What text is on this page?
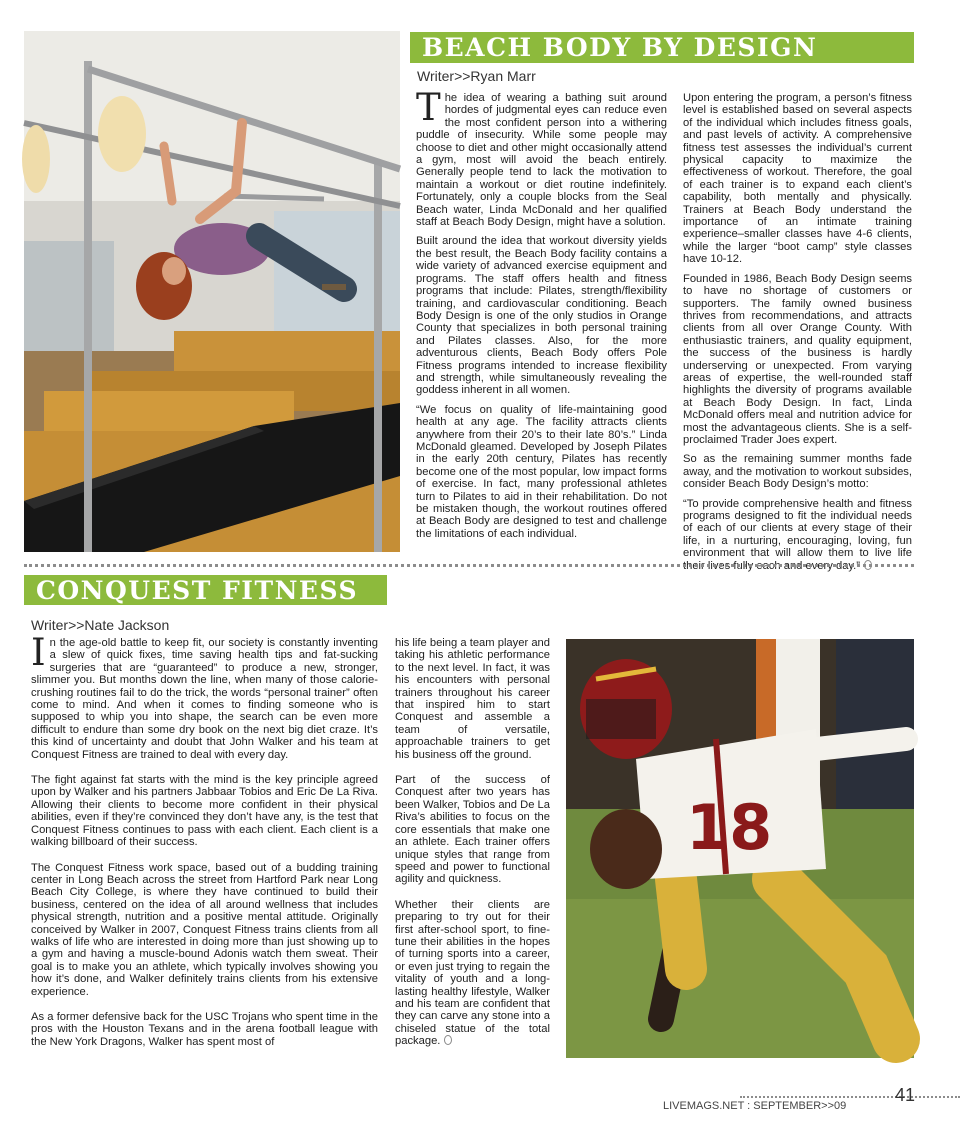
BEACH BODY BY DESIGN
Writer>>Ryan Marr

The idea of wearing a bathing suit around hordes of judgmental eyes can reduce even the most confident person into a withering puddle of insecurity. While some people may choose to diet and other might occasionally attend a gym, most will avoid the beach entirely. Generally people tend to lack the motivation to maintain a workout or diet routine indefinitely. Fortunately, only a couple blocks from the Seal Beach water, Linda McDonald and her qualified staff at Beach Body Design, might have a solution.

Built around the idea that workout diversity yields the best result, the Beach Body facility contains a wide variety of advanced exercise equipment and programs. The staff offers health and fitness programs that include: Pilates, strength/flexibility training, and cardiovascular conditioning. Beach Body Design is one of the only studios in Orange County that specializes in both personal training and Pilates classes. Also, for the more adventurous clients, Beach Body offers Pole Fitness programs intended to increase flexibility and strength, while simultaneously revealing the goddess inherent in all women.

“We focus on quality of life-maintaining good health at any age. The facility attracts clients anywhere from their 20’s to their late 80’s.” Linda McDonald gleamed. Developed by Joseph Pilates in the early 20th century, Pilates has recently become one of the most popular, low impact forms of exercise. In fact, many professional athletes turn to Pilates to aid in their rehabilitation. Do not be mistaken though, the workout routines offered at Beach Body are designed to test and challenge the limitations of each individual.

Upon entering the program, a person’s fitness level is established based on several aspects of the individual which includes fitness goals, and past levels of activity. A comprehensive fitness test assesses the individual’s current physical capacity to maximize the effectiveness of workout. Therefore, the goal of each trainer is to expand each client’s capability, both mentally and physically. Trainers at Beach Body understand the importance of an intimate training experience–smaller classes have 4-6 clients, while the larger “boot camp” style classes have 10-12.

Founded in 1986, Beach Body Design seems to have no shortage of customers or supporters. The family owned business thrives from recommendations, and attracts clients from all over Orange County. With enthusiastic trainers, and quality equipment, the success of the business is hardly underserving or unexpected. From varying areas of expertise, the well-rounded staff highlights the diversity of programs available at Beach Body Design. In fact, Linda McDonald offers meal and nutrition advice for most the advantageous clients. She is a self-proclaimed Trader Joes expert.

So as the remaining summer months fade away, and the motivation to workout subsides, consider Beach Body Design’s motto:

“To provide comprehensive health and fitness programs designed to fit the individual needs of each of our clients at every stage of their life, in a nurturing, encouraging, loving, fun environment that will allow them to live life their lives fully each and every day.”

CONQUEST FITNESS
Writer>>Nate Jackson

In the age-old battle to keep fit, our society is constantly inventing a slew of quick fixes, time saving health tips and fat-sucking surgeries that are “guaranteed” to produce a new, stronger, slimmer you. But months down the line, when many of those calorie-crushing routines fail to do the trick, the words “personal trainer” often come to mind. And when it comes to finding someone who is supposed to whip you into shape, the search can be even more difficult to endure than some dry book on the next big diet craze. It’s this kind of uncertainty and doubt that John Walker and his team at Conquest Fitness are trained to deal with every day.

The fight against fat starts with the mind is the key principle agreed upon by Walker and his partners Jabbaar Tobios and Eric De La Riva. Allowing their clients to become more confident in their physical abilities, even if they’re convinced they don’t have any, is the test that Conquest Fitness continues to pass with each client. Each client is a walking billboard of their success.

The Conquest Fitness work space, based out of a budding training center in Long Beach across the street from Hartford Park near Long Beach City College, is where they have continued to build their business, centered on the idea of all around wellness that includes physical strength, nutrition and a positive mental attitude. Originally conceived by Walker in 2007, Conquest Fitness trains clients from all walks of life who are interested in doing more than just showing up to a gym and having a muscle-bound Adonis watch them sweat. Their goal is to make you an athlete, which typically involves showing you how it’s done, and Walker definitely trains clients from his extensive experience.

As a former defensive back for the USC Trojans who spent time in the pros with the Houston Texans and in the arena football league with the New York Dragons, Walker has spent most of

his life being a team player and taking his athletic performance to the next level. In fact, it was his encounters with personal trainers throughout his career that inspired him to start Conquest and assemble a team of versatile, approachable trainers to get his business off the ground.

Part of the success of Conquest after two years has been Walker, Tobios and De La Riva’s abilities to focus on the core essentials that make one an athlete. Each trainer offers unique styles that range from speed and power to functional agility and quickness.

Whether their clients are preparing to try out for their first after-school sport, to fine-tune their abilities in the hopes of turning sports into a career, or even just trying to regain the vitality of youth and a long-lasting healthy lifestyle, Walker and his team are confident that they can carve any stone into a chiseled statue of the total package.

18
LIVEMAGS.NET : SEPTEMBER>>09
41
